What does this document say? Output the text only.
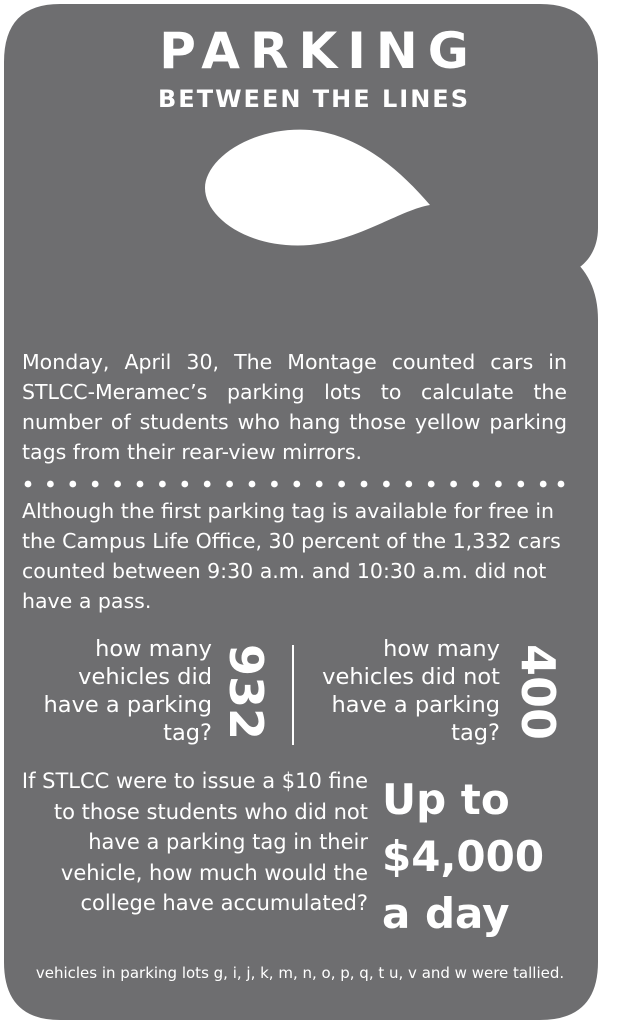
PARKING
BETWEEN THE LINES
Monday, April 30, The Montage counted cars in STLCC-Meramec’s parking lots to calculate the number of students who hang those yellow parking tags from their rear-view mirrors.
Although the first parking tag is available for free in the Campus Life Office, 30 percent of the 1,332 cars counted between 9:30 a.m. and 10:30 a.m. did not have a pass.
how many vehicles did have a parking tag? 932	how many vehicles did not have a parking tag? 400
If STLCC were to issue a $10 fine to those students who did not have a parking tag in their vehicle, how much would the college have accumulated?
Up to
$4,000
a day
vehicles in parking lots g, i, j, k, m, n, o, p, q, t u, v and w were tallied.
